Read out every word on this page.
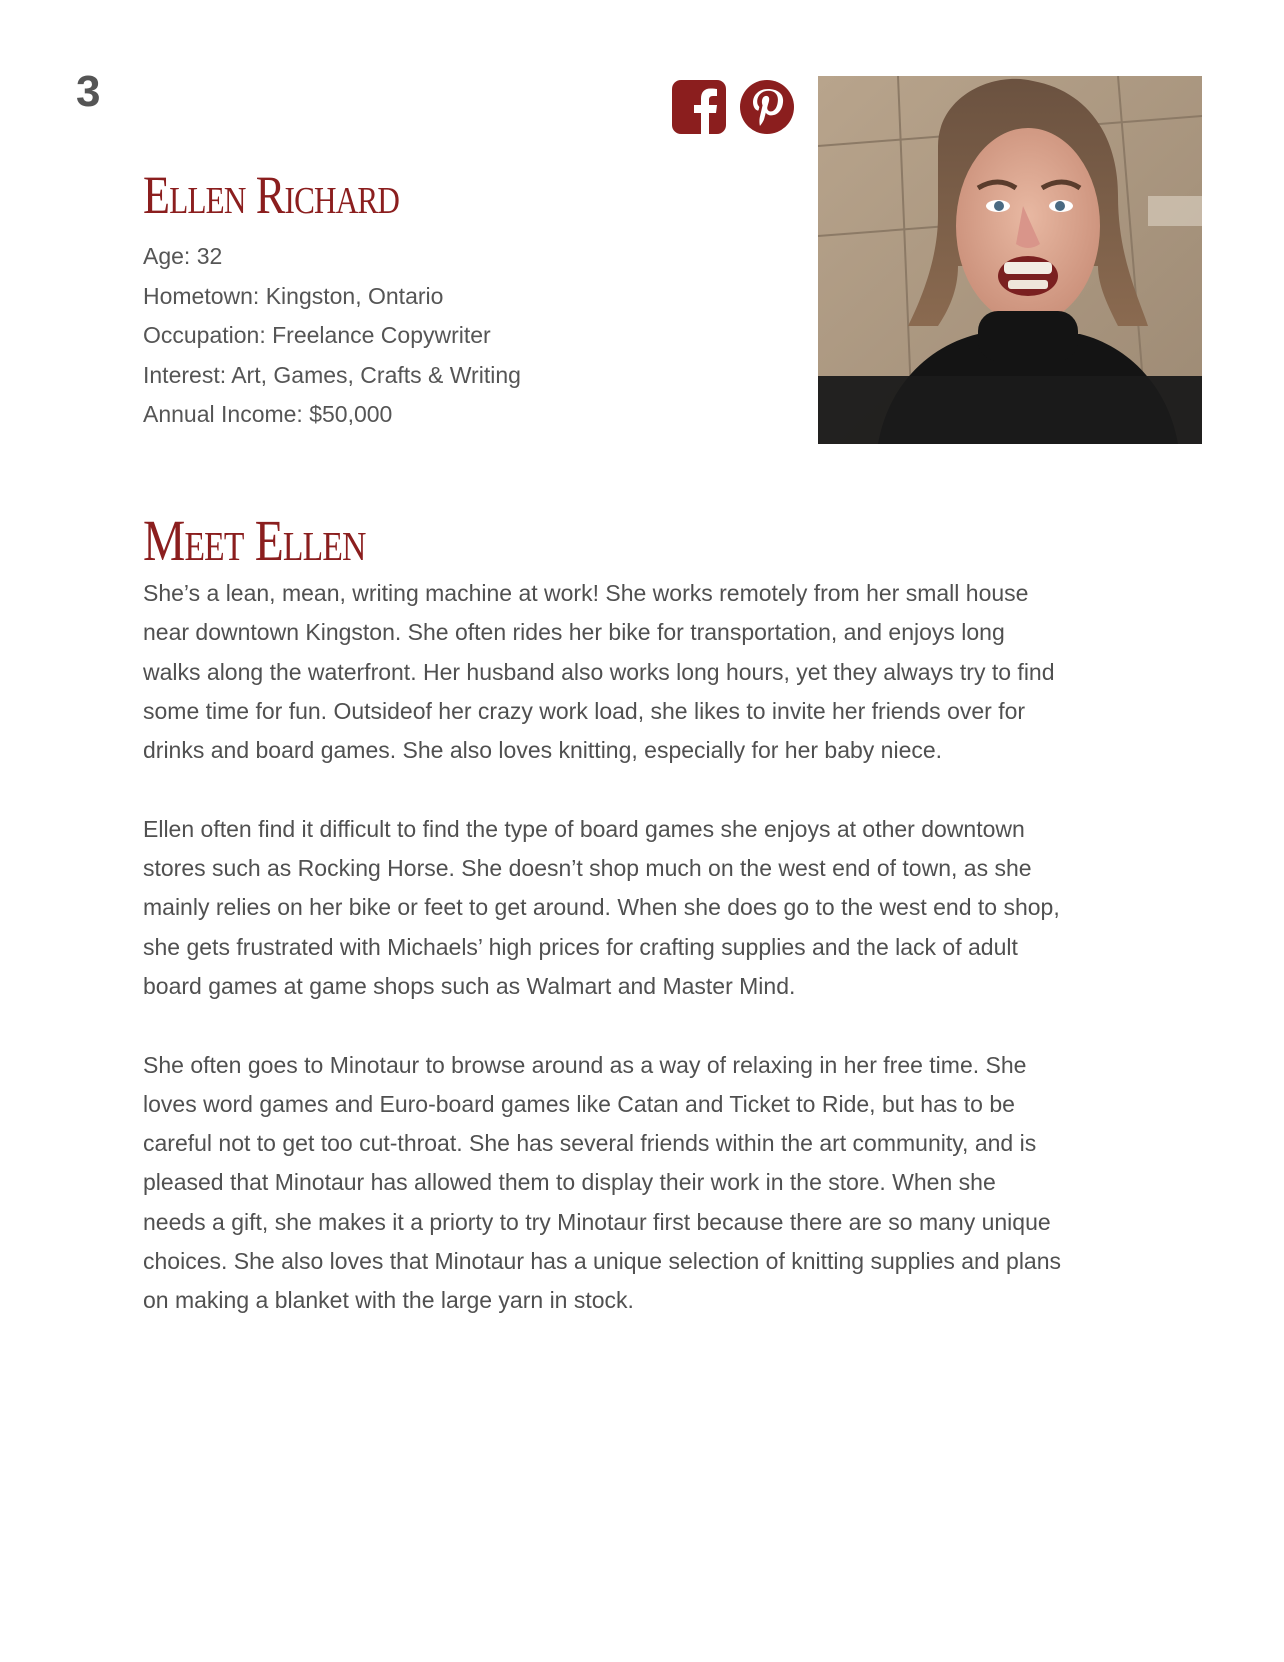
3
Ellen Richard
Age: 32
Hometown: Kingston, Ontario
Occupation: Freelance Copywriter
Interest: Art, Games, Crafts & Writing
Annual Income: $50,000
Meet Ellen

She’s a lean, mean, writing machine at work! She works remotely from her small house near downtown Kingston. She often rides her bike for transportation, and enjoys long walks along the waterfront. Her husband also works long hours, yet they always try to find some time for fun. Outsideof her crazy work load, she likes to invite her friends over for drinks and board games. She also loves knitting, especially for her baby niece.

Ellen often find it difficult to find the type of board games she enjoys at other downtown stores such as Rocking Horse. She doesn’t shop much on the west end of town, as she mainly relies on her bike or feet to get around. When she does go to the west end to shop, she gets frustrated with Michaels’ high prices for crafting supplies and the lack of adult board games at game shops such as Walmart and Master Mind.

She often goes to Minotaur to browse around as a way of relaxing in her free time. She loves word games and Euro-board games like Catan and Ticket to Ride, but has to be careful not to get too cut-throat. She has several friends within the art community, and is pleased that Minotaur has allowed them to display their work in the store. When she needs a gift, she makes it a priorty to try Minotaur first because there are so many unique choices. She also loves that Minotaur has a unique selection of knitting supplies and plans on making a blanket with the large yarn in stock.
